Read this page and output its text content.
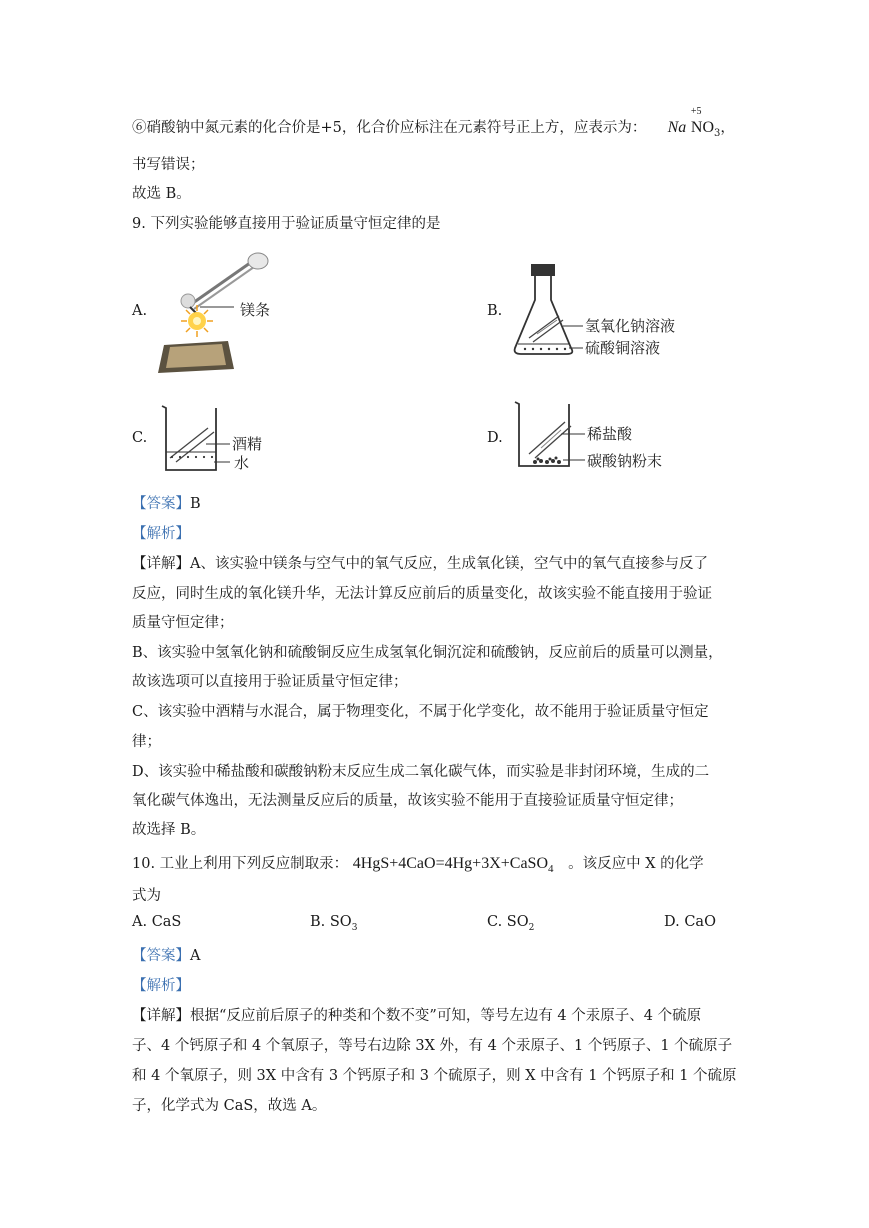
⑥硝酸钠中氮元素的化合价是+5，化合价应标注在元素符号正上方，应表示为： Na
+5
$NO_3$，
书写错误；
故选 B。
9. 下列实验能够直接用于验证质量守恒定律的是
A.	镁条	B.
氢氧化钠溶液
硫酸铜溶液
C.	酒精
水
D.	稀盐酸
碳酸钠粉末
【答案】B
【解析】
【详解】A、该实验中镁条与空气中的氧气反应，生成氧化镁，空气中的氧气直接参与反了
反应，同时生成的氧化镁升华，无法计算反应前后的质量变化，故该实验不能直接用于验证
质量守恒定律；
B、该实验中氢氧化钠和硫酸铜反应生成氢氧化铜沉淀和硫酸钠，反应前后的质量可以测量，
故该选项可以直接用于验证质量守恒定律；
C、该实验中酒精与水混合，属于物理变化，不属于化学变化，故不能用于验证质量守恒定
律；
D、该实验中稀盐酸和碳酸钠粉末反应生成二氧化碳气体，而实验是非封闭环境，生成的二
氧化碳气体逸出，无法测量反应后的质量，故该实验不能用于直接验证质量守恒定律；
故选择 B。
10. 工业上利用下列反应制取汞： 4HgS+4CaO=4Hg+3X+CaSO$_4$ 。该反应中 X 的化学
式为
A. CaS	B. $SO_3$	C. $SO_2$	D. CaO
【答案】A
【解析】
【详解】根据“反应前后原子的种类和个数不变”可知，等号左边有 4 个汞原子、4 个硫原
子、4 个钙原子和 4 个氧原子，等号右边除 3X 外，有 4 个汞原子、1 个钙原子、1 个硫原子
和 4 个氧原子，则 3X 中含有 3 个钙原子和 3 个硫原子，则 X 中含有 1 个钙原子和 1 个硫原
子，化学式为 CaS，故选 A。
